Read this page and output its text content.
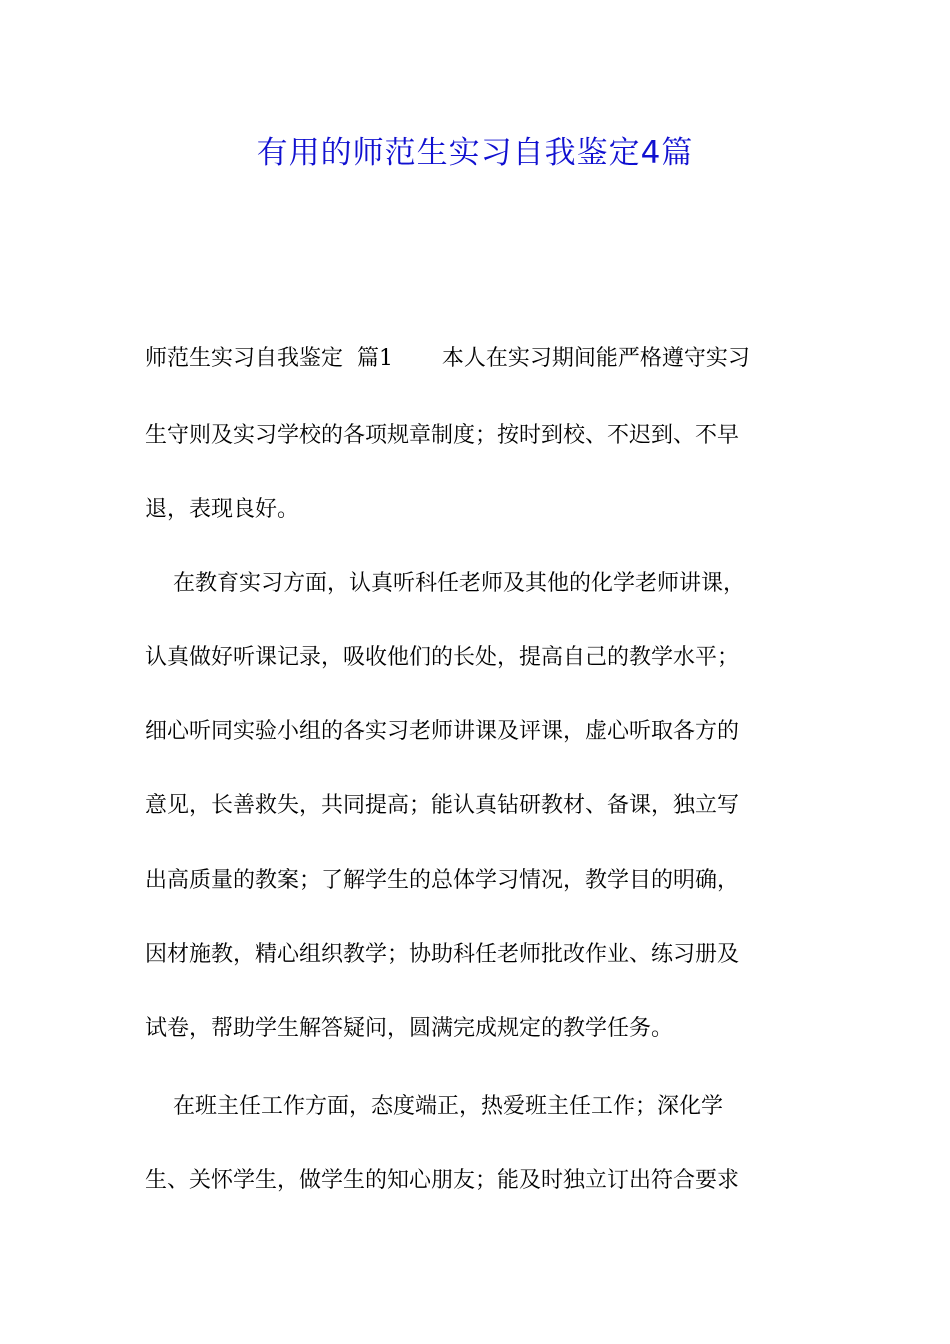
有用的师范生实习自我鉴定4篇

师范生实习自我鉴定  篇1       本人在实习期间能严格遵守实习

生守则及实习学校的各项规章制度；按时到校、不迟到、不早

退，表现良好。

在教育实习方面，认真听科任老师及其他的化学老师讲课，

认真做好听课记录，吸收他们的长处，提高自己的教学水平；

细心听同实验小组的各实习老师讲课及评课，虚心听取各方的

意见，长善救失，共同提高；能认真钻研教材、备课，独立写

出高质量的教案；了解学生的总体学习情况，教学目的明确，

因材施教，精心组织教学；协助科任老师批改作业、练习册及

试卷，帮助学生解答疑问，圆满完成规定的教学任务。

在班主任工作方面，态度端正，热爱班主任工作；深化学

生、关怀学生，做学生的知心朋友；能及时独立订出符合要求
